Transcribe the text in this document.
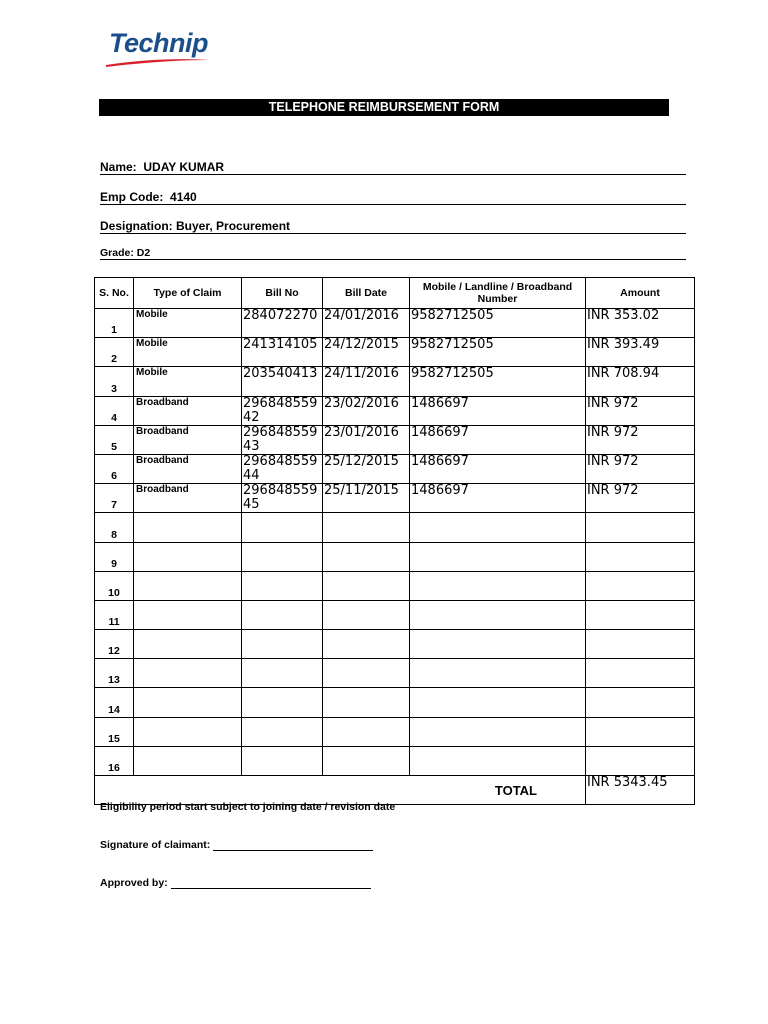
Technip
TELEPHONE REIMBURSEMENT FORM
Name: UDAY KUMAR
Emp Code: 4140
Designation: Buyer, Procurement
Grade: D2
S. No.	Type of Claim	Bill No	Bill Date	Mobile / Landline / Broadband Number	Amount
1	Mobile	284072270	24/01/2016	9582712505	INR 353.02
2	Mobile	241314105	24/12/2015	9582712505	INR 393.49
3	Mobile	203540413	24/11/2016	9582712505	INR 708.94
4	Broadband	29684855942	23/02/2016	1486697	INR 972
5	Broadband	29684855943	23/01/2016	1486697	INR 972
6	Broadband	29684855944	25/12/2015	1486697	INR 972
7	Broadband	29684855945	25/11/2015	1486697	INR 972
8					
9					
10					
11					
12					
13					
14					
15					
16					
TOTAL					INR 5343.45
Eligibility period start subject to joining date / revision date
Signature of claimant:
Approved by:
